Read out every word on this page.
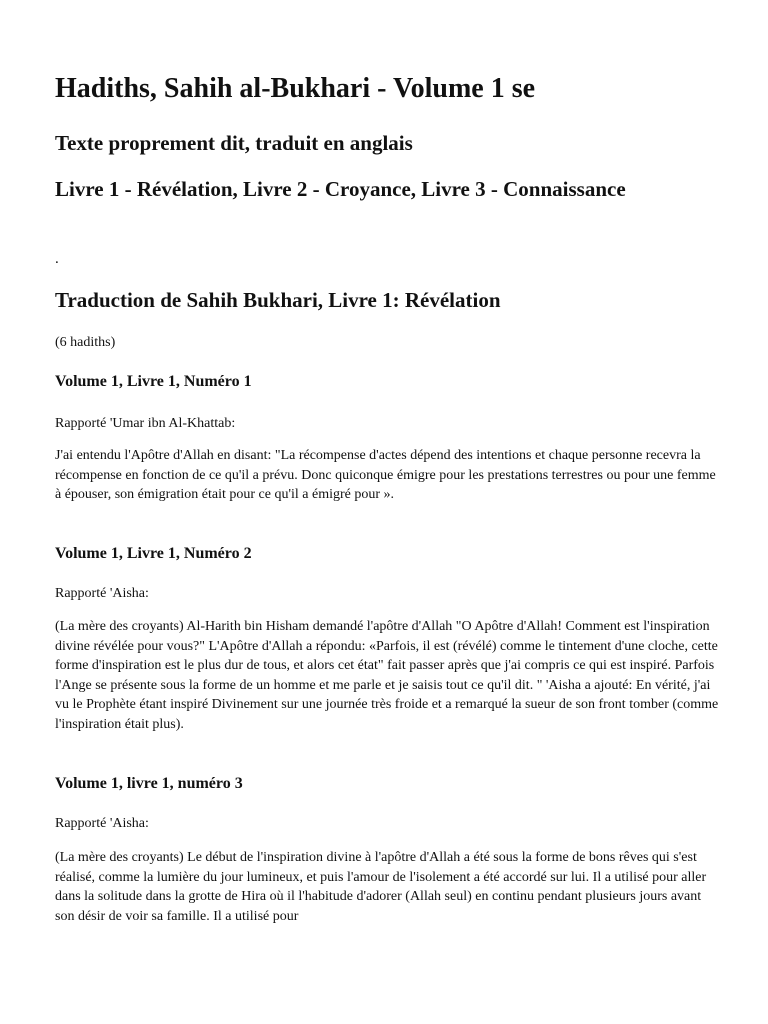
Hadiths, Sahih al-Bukhari - Volume 1 se
Texte proprement dit, traduit en anglais
Livre 1 - Révélation, Livre 2 - Croyance, Livre 3 - Connaissance
.
Traduction de Sahih Bukhari, Livre 1: Révélation

(6 hadiths)

Volume 1, Livre 1, Numéro 1

Rapporté 'Umar ibn Al-Khattab:

J'ai entendu l'Apôtre d'Allah en disant: "La récompense d'actes dépend des intentions et chaque personne recevra la récompense en fonction de ce qu'il a prévu. Donc quiconque émigre pour les prestations terrestres ou pour une femme à épouser, son émigration était pour ce qu'il a émigré pour ».

Volume 1, Livre 1, Numéro 2

Rapporté 'Aisha:

(La mère des croyants) Al-Harith bin Hisham demandé l'apôtre d'Allah "O Apôtre d'Allah! Comment est l'inspiration divine révélée pour vous?" L'Apôtre d'Allah a répondu: «Parfois, il est (révélé) comme le tintement d'une cloche, cette forme d'inspiration est le plus dur de tous, et alors cet état" fait passer après que j'ai compris ce qui est inspiré. Parfois l'Ange se présente sous la forme de un homme et me parle et je saisis tout ce qu'il dit. " 'Aisha a ajouté: En vérité, j'ai vu le Prophète étant inspiré Divinement sur une journée très froide et a remarqué la sueur de son front tomber (comme l'inspiration était plus).

Volume 1, livre 1, numéro 3

Rapporté 'Aisha:

(La mère des croyants) Le début de l'inspiration divine à l'apôtre d'Allah a été sous la forme de bons rêves qui s'est réalisé, comme la lumière du jour lumineux, et puis l'amour de l'isolement a été accordé sur lui. Il a utilisé pour aller dans la solitude dans la grotte de Hira où il l'habitude d'adorer (Allah seul) en continu pendant plusieurs jours avant son désir de voir sa famille. Il a utilisé pour
